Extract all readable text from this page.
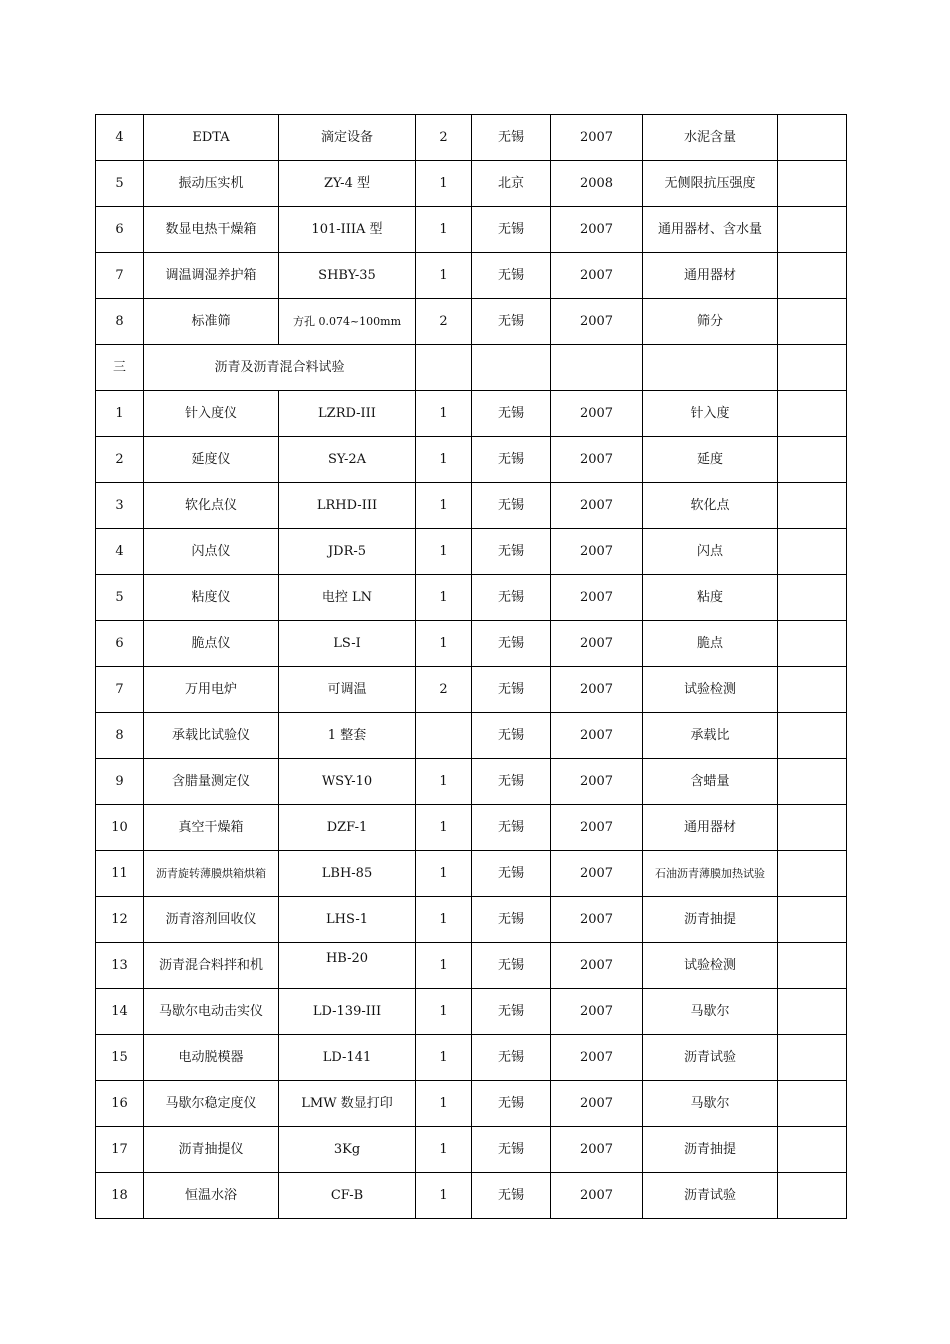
4	EDTA	滴定设备	2	无锡	2007	水泥含量	
5	振动压实机	ZY-4 型	1	北京	2008	无侧限抗压强度	
6	数显电热干燥箱	101-IIIA 型	1	无锡	2007	通用器材、含水量	
7	调温调湿养护箱	SHBY-35	1	无锡	2007	通用器材	
8	标准筛	方孔 0.074~100mm	2	无锡	2007	筛分	
三	沥青及沥青混合料试验						
1	针入度仪	LZRD-III	1	无锡	2007	针入度	
2	延度仪	SY-2A	1	无锡	2007	延度	
3	软化点仪	LRHD-III	1	无锡	2007	软化点	
4	闪点仪	JDR-5	1	无锡	2007	闪点	
5	粘度仪	电控 LN	1	无锡	2007	粘度	
6	脆点仪	LS-I	1	无锡	2007	脆点	
7	万用电炉	可调温	2	无锡	2007	试验检测	
8	承载比试验仪	1 整套		无锡	2007	承载比	
9	含腊量测定仪	WSY-10	1	无锡	2007	含蜡量	
10	真空干燥箱	DZF-1	1	无锡	2007	通用器材	
11	沥青旋转薄膜烘箱烘箱	LBH-85	1	无锡	2007	石油沥青薄膜加热试验	
12	沥青溶剂回收仪	LHS-1	1	无锡	2007	沥青抽提	
13	沥青混合料拌和机	HB-20	1	无锡	2007	试验检测	
14	马歇尔电动击实仪	LD-139-III	1	无锡	2007	马歇尔	
15	电动脱模器	LD-141	1	无锡	2007	沥青试验	
16	马歇尔稳定度仪	LMW 数显打印	1	无锡	2007	马歇尔	
17	沥青抽提仪	3Kg	1	无锡	2007	沥青抽提	
18	恒温水浴	CF-B	1	无锡	2007	沥青试验	
